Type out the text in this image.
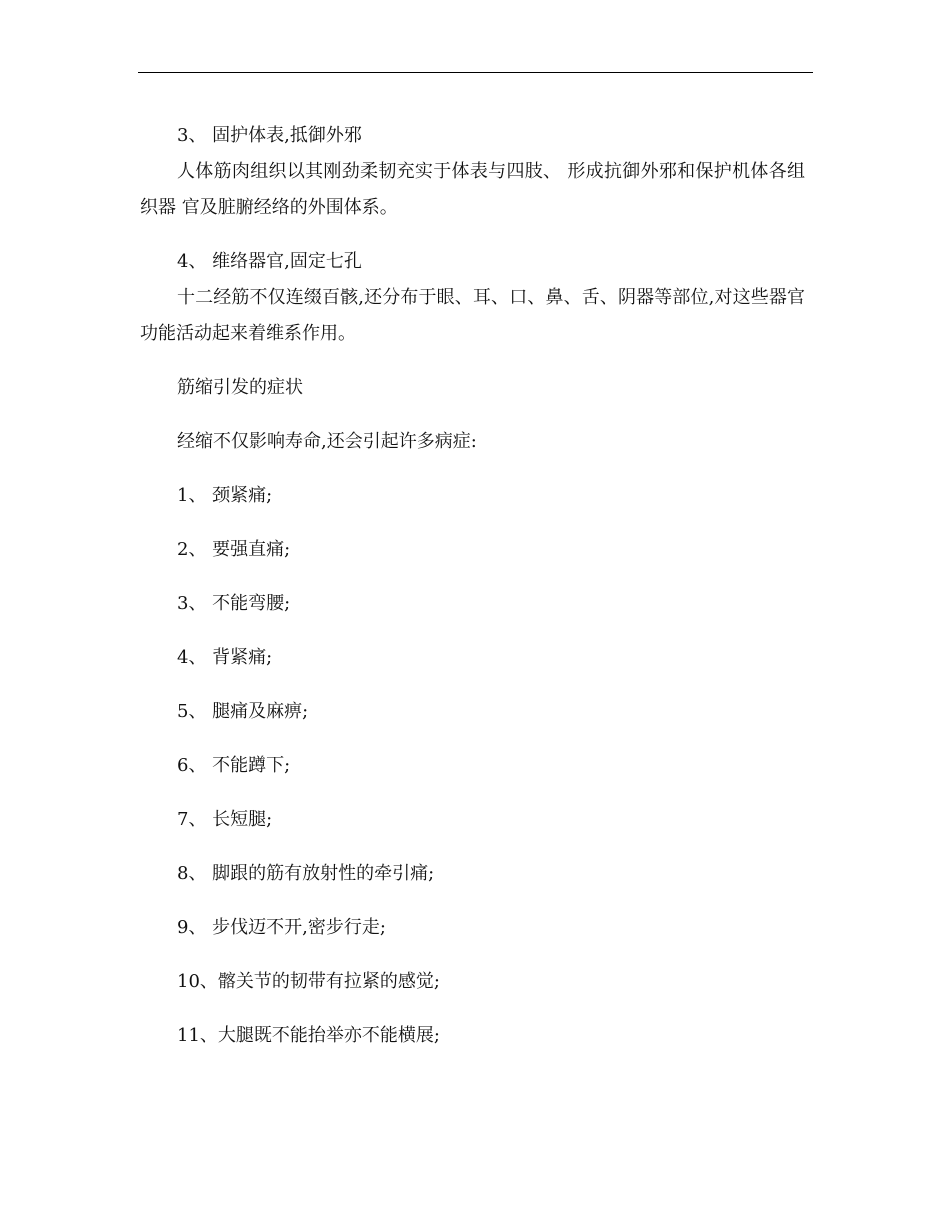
3、 固护体表,抵御外邪

人体筋肉组织以其刚劲柔韧充实于体表与四肢、 形成抗御外邪和保护机体各组织器 官及脏腑经络的外围体系。

4、 维络器官,固定七孔

十二经筋不仅连缀百骸,还分布于眼、耳、口、鼻、舌、阴器等部位,对这些器官 功能活动起来着维系作用。

筋缩引发的症状

经缩不仅影响寿命,还会引起许多病症:

1、 颈紧痛;

2、 要强直痛;

3、 不能弯腰;

4、 背紧痛;

5、 腿痛及麻痹;

6、 不能蹲下;

7、 长短腿;

8、 脚跟的筋有放射性的牵引痛;

9、 步伐迈不开,密步行走;

10、髂关节的韧带有拉紧的感觉;

11、大腿既不能抬举亦不能横展;
